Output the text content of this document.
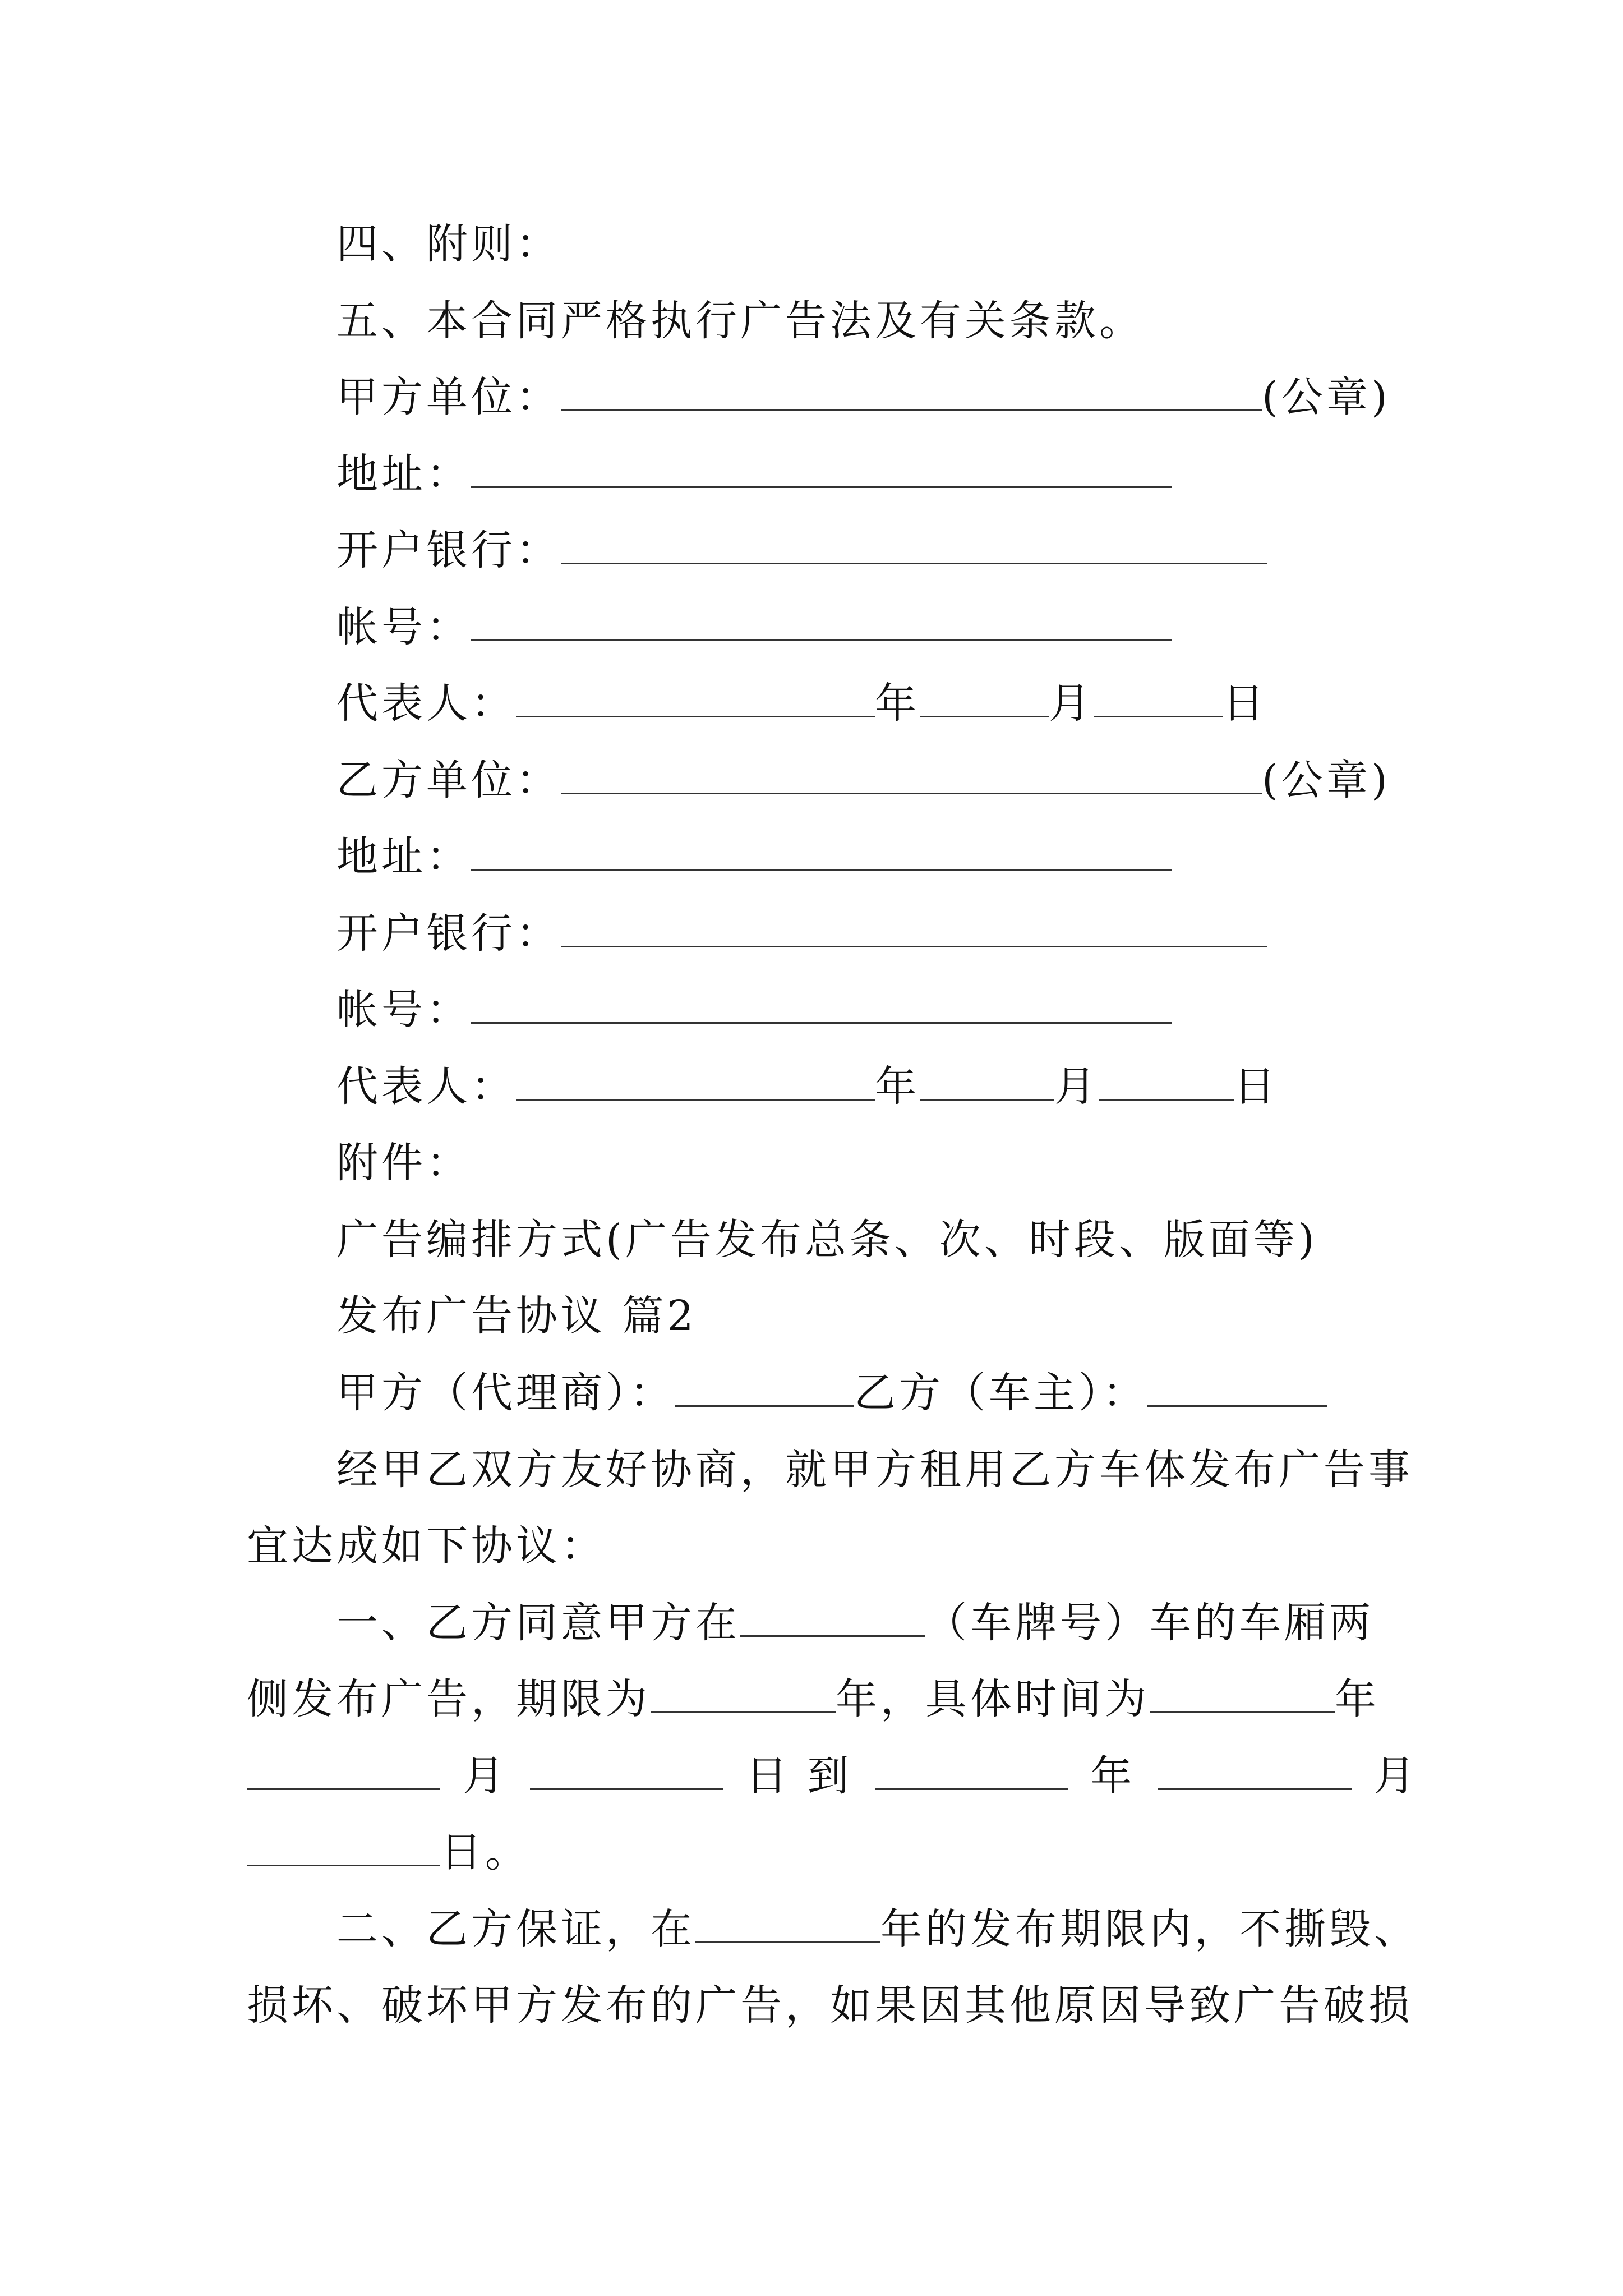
四、附则：
五、本合同严格执行广告法及有关条款。
甲方单位：	(公章)
地址：
开户银行：
帐号：
代表人：	年	月	日
乙方单位：	(公章)
地址：
开户银行：
帐号：
代表人：	年	月	日
附件：
广告编排方式(广告发布总条、次、时段、版面等)
发布广告协议 篇2
甲方（代理商）：	乙方（车主）：
经甲乙双方友好协商，就甲方租用乙方车体发布广告事
宜达成如下协议：
一、乙方同意甲方在	（车牌号）车的车厢两
侧发布广告，期限为	年，具体时间为	年
月	日 到	年	月
日。
二、乙方保证，在	年的发布期限内，不撕毁、
损坏、破坏甲方发布的广告，如果因其他原因导致广告破损
